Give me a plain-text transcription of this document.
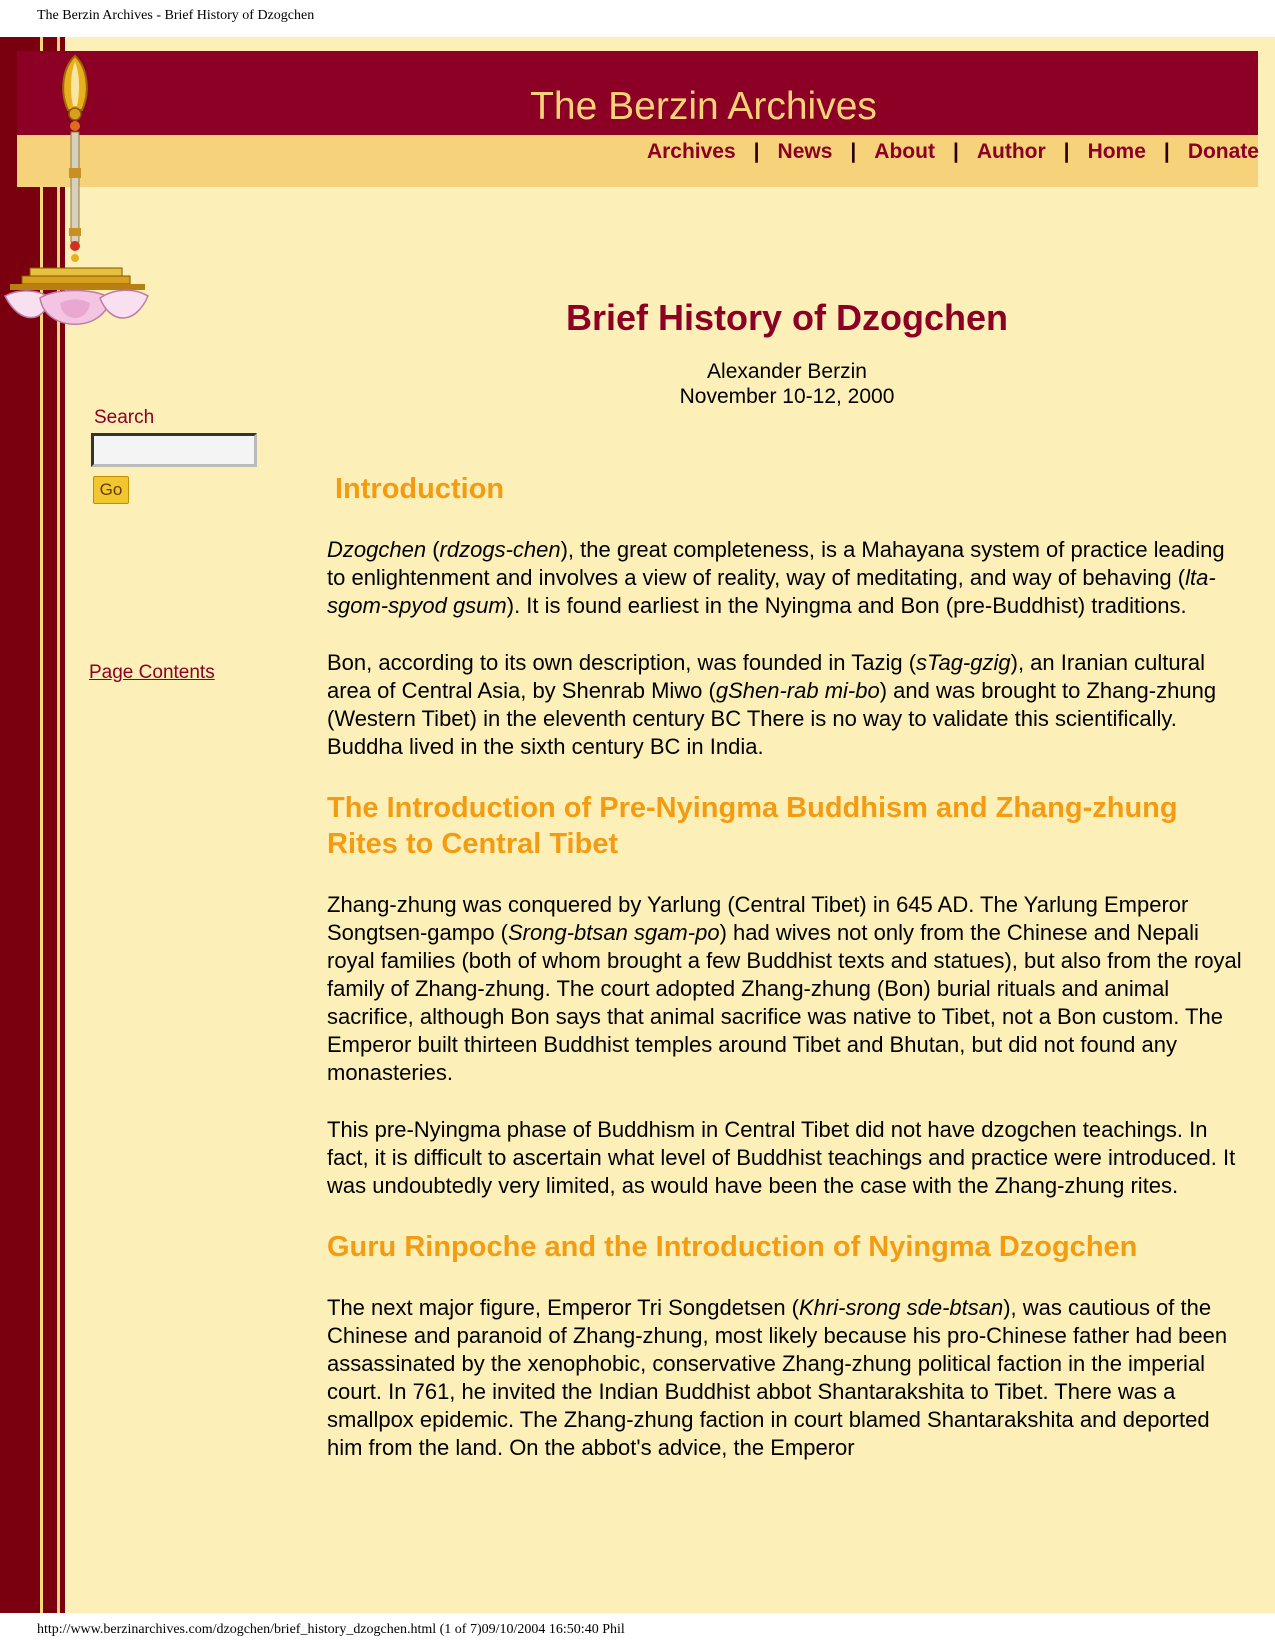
The Berzin Archives - Brief History of Dzogchen
The Berzin Archives
Archives | News | About | Author | Home | Donate
Search
Go
Page Contents
Brief History of Dzogchen
Alexander Berzin
November 10-12, 2000
Introduction

Dzogchen (rdzogs-chen), the great completeness, is a Mahayana system of practice leading to enlightenment and involves a view of reality, way of meditating, and way of behaving (lta-sgom-spyod gsum). It is found earliest in the Nyingma and Bon (pre-Buddhist) traditions.

Bon, according to its own description, was founded in Tazig (sTag-gzig), an Iranian cultural area of Central Asia, by Shenrab Miwo (gShen-rab mi-bo) and was brought to Zhang-zhung (Western Tibet) in the eleventh century BC There is no way to validate this scientifically. Buddha lived in the sixth century BC in India.

The Introduction of Pre-Nyingma Buddhism and Zhang-zhung Rites to Central Tibet

Zhang-zhung was conquered by Yarlung (Central Tibet) in 645 AD. The Yarlung Emperor Songtsen-gampo (Srong-btsan sgam-po) had wives not only from the Chinese and Nepali royal families (both of whom brought a few Buddhist texts and statues), but also from the royal family of Zhang-zhung. The court adopted Zhang-zhung (Bon) burial rituals and animal sacrifice, although Bon says that animal sacrifice was native to Tibet, not a Bon custom. The Emperor built thirteen Buddhist temples around Tibet and Bhutan, but did not found any monasteries.

This pre-Nyingma phase of Buddhism in Central Tibet did not have dzogchen teachings. In fact, it is difficult to ascertain what level of Buddhist teachings and practice were introduced. It was undoubtedly very limited, as would have been the case with the Zhang-zhung rites.

Guru Rinpoche and the Introduction of Nyingma Dzogchen

The next major figure, Emperor Tri Songdetsen (Khri-srong sde-btsan), was cautious of the Chinese and paranoid of Zhang-zhung, most likely because his pro-Chinese father had been assassinated by the xenophobic, conservative Zhang-zhung political faction in the imperial court. In 761, he invited the Indian Buddhist abbot Shantarakshita to Tibet. There was a smallpox epidemic. The Zhang-zhung faction in court blamed Shantarakshita and deported him from the land. On the abbot's advice, the Emperor

http://www.berzinarchives.com/dzogchen/brief_history_dzogchen.html (1 of 7)09/10/2004 16:50:40 Phil
